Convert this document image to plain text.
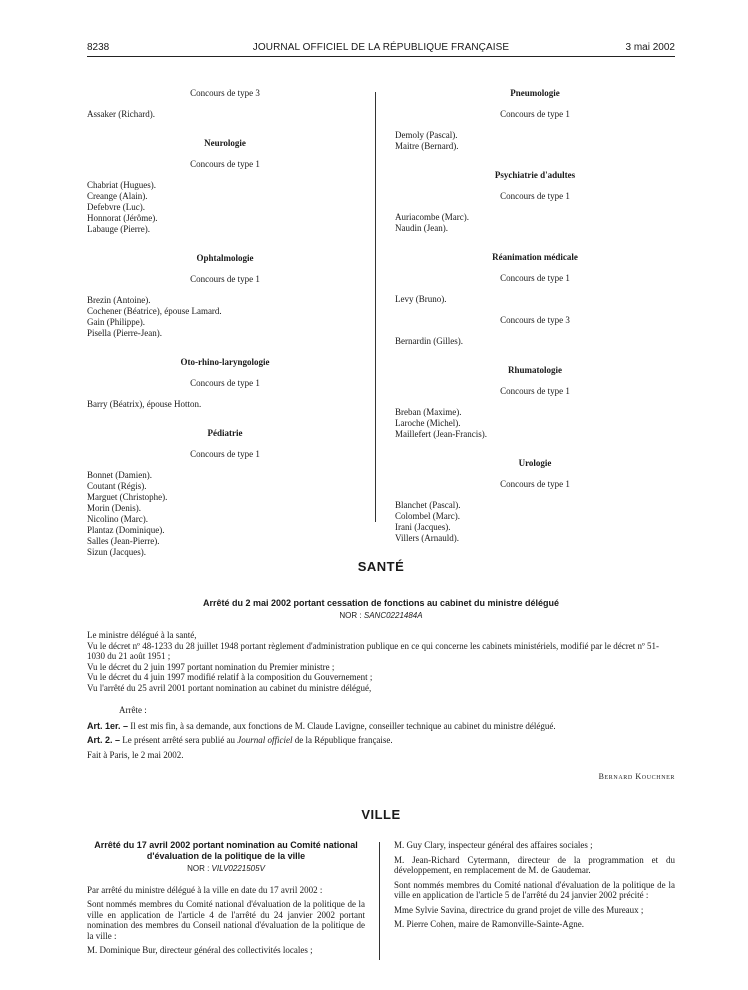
8238	JOURNAL OFFICIEL DE LA RÉPUBLIQUE FRANÇAISE	3 mai 2002
Concours de type 3
Assaker (Richard).
Neurologie
Concours de type 1
Chabriat (Hugues).
Creange (Alain).
Defebvre (Luc).
Honnorat (Jérôme).
Labauge (Pierre).
Ophtalmologie
Concours de type 1
Brezin (Antoine).
Cochener (Béatrice), épouse Lamard.
Gain (Philippe).
Pisella (Pierre-Jean).
Oto-rhino-laryngologie
Concours de type 1
Barry (Béatrix), épouse Hotton.
Pédiatrie
Concours de type 1
Bonnet (Damien).
Coutant (Régis).
Marguet (Christophe).
Morin (Denis).
Nicolino (Marc).
Plantaz (Dominique).
Salles (Jean-Pierre).
Sizun (Jacques).
Pneumologie
Concours de type 1
Demoly (Pascal).
Maitre (Bernard).
Psychiatrie d'adultes
Concours de type 1
Auriacombe (Marc).
Naudin (Jean).
Réanimation médicale
Concours de type 1
Levy (Bruno).
Concours de type 3
Bernardin (Gilles).
Rhumatologie
Concours de type 1
Breban (Maxime).
Laroche (Michel).
Maillefert (Jean-Francis).
Urologie
Concours de type 1
Blanchet (Pascal).
Colombel (Marc).
Irani (Jacques).
Villers (Arnauld).
SANTÉ
Arrêté du 2 mai 2002 portant cessation de fonctions au cabinet du ministre délégué
NOR : SANC0221484A

Le ministre délégué à la santé,

Vu le décret nº 48-1233 du 28 juillet 1948 portant règlement d'administration publique en ce qui concerne les cabinets ministériels, modifié par le décret nº 51-1030 du 21 août 1951 ;

Vu le décret du 2 juin 1997 portant nomination du Premier ministre ;

Vu le décret du 4 juin 1997 modifié relatif à la composition du Gouvernement ;

Vu l'arrêté du 25 avril 2001 portant nomination au cabinet du ministre délégué,

Arrête :

Art. 1er. – Il est mis fin, à sa demande, aux fonctions de M. Claude Lavigne, conseiller technique au cabinet du ministre délégué.

Art. 2. – Le présent arrêté sera publié au Journal officiel de la République française.

Fait à Paris, le 2 mai 2002.

Bernard Kouchner
VILLE
Arrêté du 17 avril 2002 portant nomination au Comité national d'évaluation de la politique de la ville
NOR : VILV0221505V

Par arrêté du ministre délégué à la ville en date du 17 avril 2002 :

Sont nommés membres du Comité national d'évaluation de la politique de la ville en application de l'article 4 de l'arrêté du 24 janvier 2002 portant nomination des membres du Conseil national d'évaluation de la politique de la ville :

M. Dominique Bur, directeur général des collectivités locales ;

M. Guy Clary, inspecteur général des affaires sociales ;

M. Jean-Richard Cytermann, directeur de la programmation et du développement, en remplacement de M. de Gaudemar.

Sont nommés membres du Comité national d'évaluation de la politique de la ville en application de l'article 5 de l'arrêté du 24 janvier 2002 précité :

Mme Sylvie Savina, directrice du grand projet de ville des Mureaux ;

M. Pierre Cohen, maire de Ramonville-Sainte-Agne.
